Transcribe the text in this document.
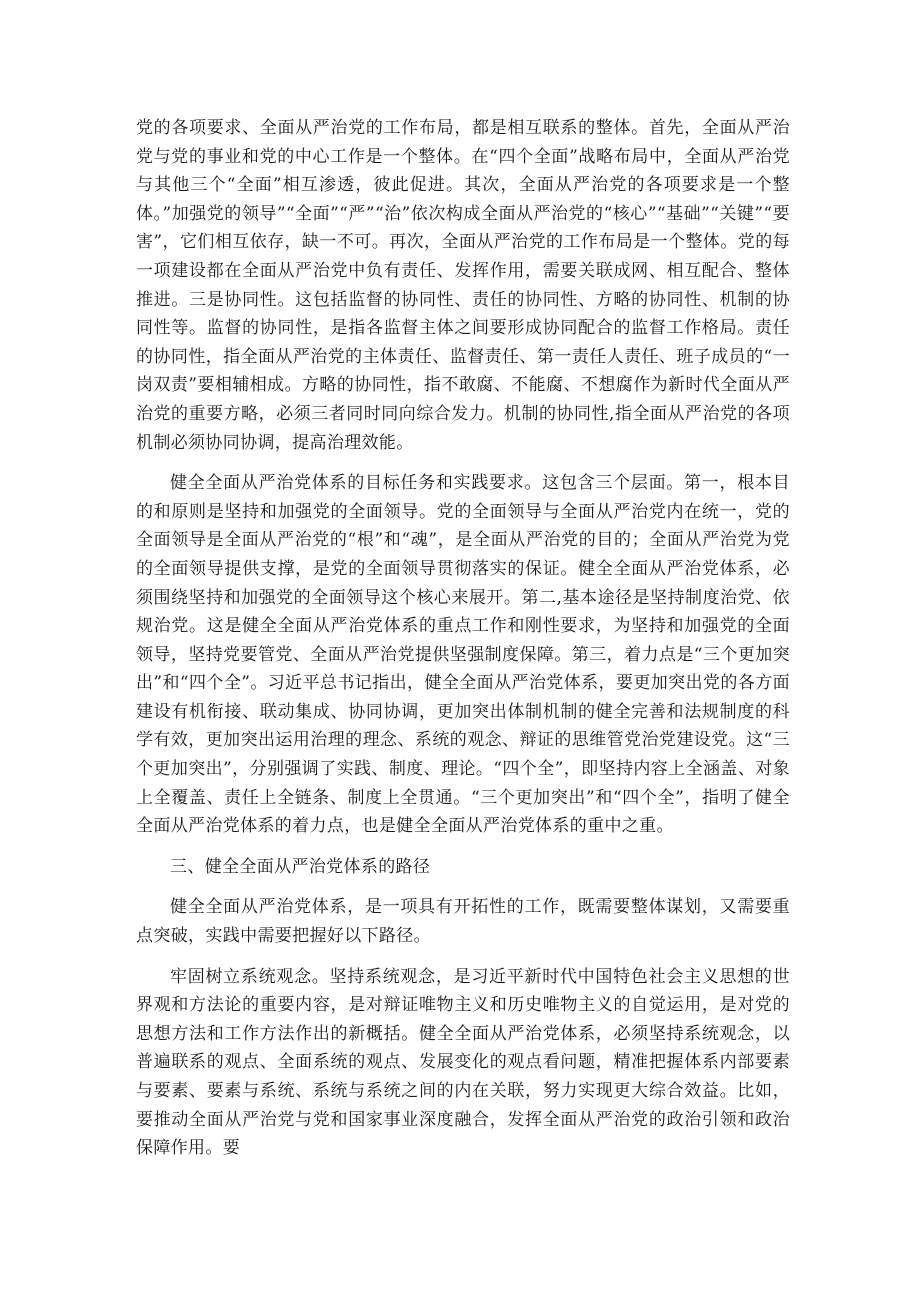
党的各项要求、全面从严治党的工作布局，都是相互联系的整体。首先，全面从严治党与党的事业和党的中心工作是一个整体。在“四个全面”战略布局中，全面从严治党与其他三个“全面”相互渗透，彼此促进。其次，全面从严治党的各项要求是一个整体。”加强党的领导”“全面”“严”“治”依次构成全面从严治党的“核心”“基础”“关键”“要害”，它们相互依存，缺一不可。再次，全面从严治党的工作布局是一个整体。党的每一项建设都在全面从严治党中负有责任、发挥作用，需要关联成网、相互配合、整体推进。三是协同性。这包括监督的协同性、责任的协同性、方略的协同性、机制的协同性等。监督的协同性，是指各监督主体之间要形成协同配合的监督工作格局。责任的协同性，指全面从严治党的主体责任、监督责任、第一责任人责任、班子成员的“一岗双责”要相辅相成。方略的协同性，指不敢腐、不能腐、不想腐作为新时代全面从严治党的重要方略，必须三者同时同向综合发力。机制的协同性,指全面从严治党的各项机制必须协同协调，提高治理效能。

健全全面从严治党体系的目标任务和实践要求。这包含三个层面。第一，根本目的和原则是坚持和加强党的全面领导。党的全面领导与全面从严治党内在统一，党的全面领导是全面从严治党的“根”和“魂”，是全面从严治党的目的；全面从严治党为党的全面领导提供支撑，是党的全面领导贯彻落实的保证。健全全面从严治党体系，必须围绕坚持和加强党的全面领导这个核心来展开。第二,基本途径是坚持制度治党、依规治党。这是健全全面从严治党体系的重点工作和刚性要求，为坚持和加强党的全面领导，坚持党要管党、全面从严治党提供坚强制度保障。第三，着力点是“三个更加突出”和“四个全”。习近平总书记指出，健全全面从严治党体系，要更加突出党的各方面建设有机衔接、联动集成、协同协调，更加突出体制机制的健全完善和法规制度的科学有效，更加突出运用治理的理念、系统的观念、辩证的思维管党治党建设党。这“三个更加突出”，分别强调了实践、制度、理论。“四个全”，即坚持内容上全涵盖、对象上全覆盖、责任上全链条、制度上全贯通。“三个更加突出”和“四个全”，指明了健全全面从严治党体系的着力点，也是健全全面从严治党体系的重中之重。

三、健全全面从严治党体系的路径

健全全面从严治党体系，是一项具有开拓性的工作，既需要整体谋划，又需要重点突破，实践中需要把握好以下路径。

牢固树立系统观念。坚持系统观念，是习近平新时代中国特色社会主义思想的世界观和方法论的重要内容，是对辩证唯物主义和历史唯物主义的自觉运用，是对党的思想方法和工作方法作出的新概括。健全全面从严治党体系，必须坚持系统观念，以普遍联系的观点、全面系统的观点、发展变化的观点看问题，精准把握体系内部要素与要素、要素与系统、系统与系统之间的内在关联，努力实现更大综合效益。比如，要推动全面从严治党与党和国家事业深度融合，发挥全面从严治党的政治引领和政治保障作用。要
